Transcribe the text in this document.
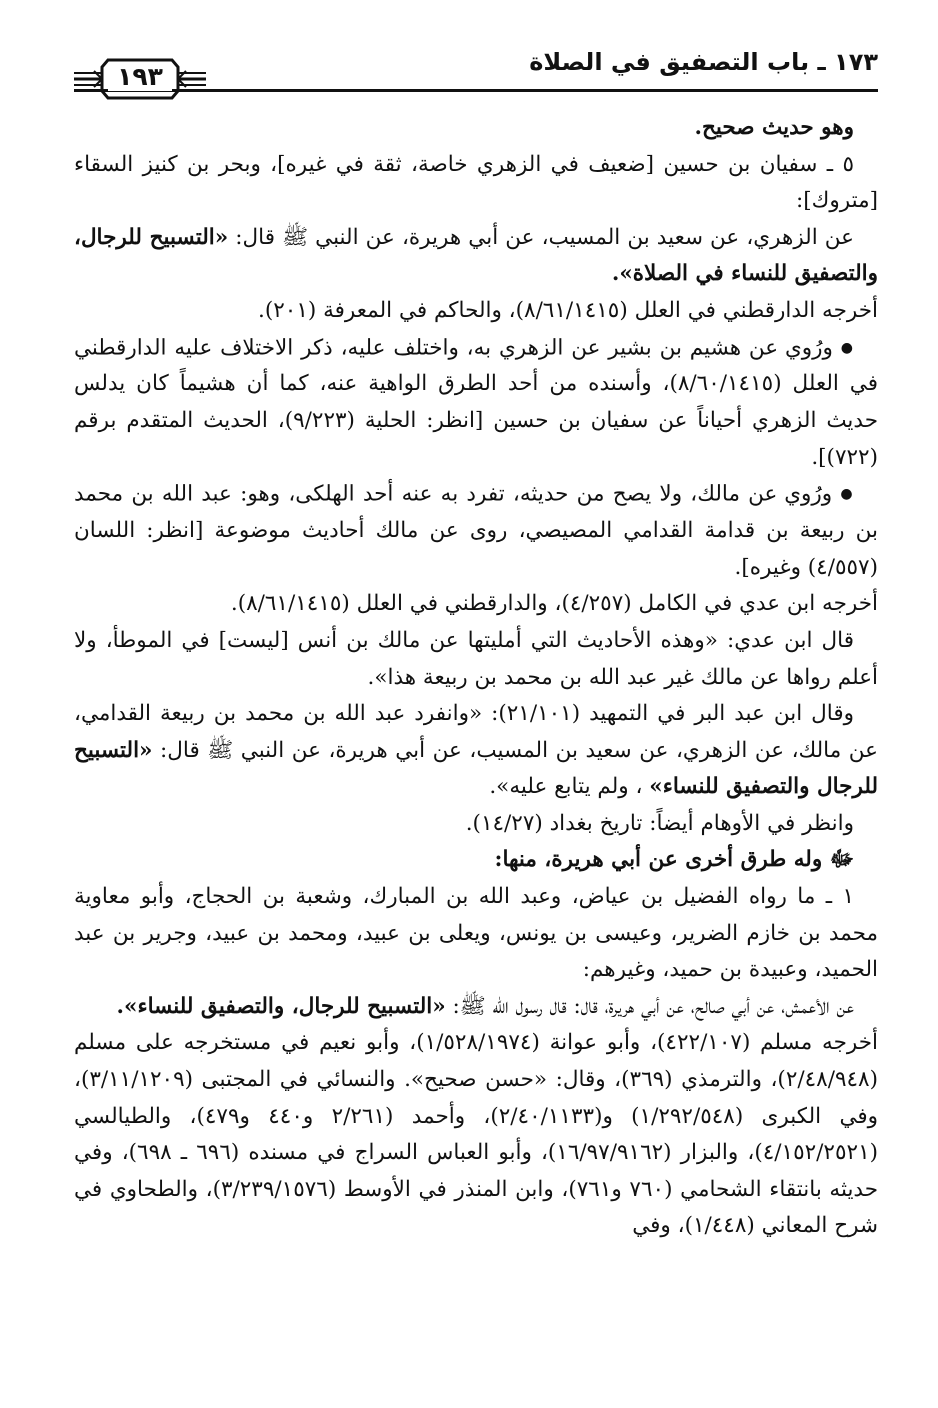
١٧٣ ـ باب التصفيق في الصلاة
١٩٣

وهو حديث صحيح.

٥ ـ سفيان بن حسين [ضعيف في الزهري خاصة، ثقة في غيره]، وبحر بن كنيز السقاء [متروك]:

عن الزهري، عن سعيد بن المسيب، عن أبي هريرة، عن النبي ﷺ قال: «التسبيح للرجال، والتصفيق للنساء في الصلاة».

أخرجه الدارقطني في العلل (٨/٦١/١٤١٥)، والحاكم في المعرفة (٢٠١).

● ورُوي عن هشيم بن بشير عن الزهري به، واختلف عليه، ذكر الاختلاف عليه الدارقطني في العلل (٨/٦٠/١٤١٥)، وأسنده من أحد الطرق الواهية عنه، كما أن هشيماً كان يدلس حديث الزهري أحياناً عن سفيان بن حسين [انظر: الحلية (٩/٢٢٣)، الحديث المتقدم برقم (٧٢٢)].

● ورُوي عن مالك، ولا يصح من حديثه، تفرد به عنه أحد الهلكى، وهو: عبد الله بن محمد بن ربيعة بن قدامة القدامي المصيصي، روى عن مالك أحاديث موضوعة [انظر: اللسان (٤/٥٥٧) وغيره].

أخرجه ابن عدي في الكامل (٤/٢٥٧)، والدارقطني في العلل (٨/٦١/١٤١٥).

قال ابن عدي: «وهذه الأحاديث التي أمليتها عن مالك بن أنس [ليست] في الموطأ، ولا أعلم رواها عن مالك غير عبد الله بن محمد بن ربيعة هذا».

وقال ابن عبد البر في التمهيد (٢١/١٠١): «وانفرد عبد الله بن محمد بن ربيعة القدامي، عن مالك، عن الزهري، عن سعيد بن المسيب، عن أبي هريرة، عن النبي ﷺ قال: «التسبيح للرجال والتصفيق للنساء» ، ولم يتابع عليه».

وانظر في الأوهام أيضاً: تاريخ بغداد (١٤/٢٧).

ﷻ وله طرق أخرى عن أبي هريرة، منها:

١ ـ ما رواه الفضيل بن عياض، وعبد الله بن المبارك، وشعبة بن الحجاج، وأبو معاوية محمد بن خازم الضرير، وعيسى بن يونس، ويعلى بن عبيد، ومحمد بن عبيد، وجرير بن عبد الحميد، وعبيدة بن حميد، وغيرهم:

عن الأعمش، عن أبي صالح، عن أبي هريرة، قال: قال رسول الله ﷺ: «التسبيح للرجال، والتصفيق للنساء».

أخرجه مسلم (٤٢٢/١٠٧)، وأبو عوانة (١/٥٢٨/١٩٧٤)، وأبو نعيم في مستخرجه على مسلم (٢/٤٨/٩٤٨)، والترمذي (٣٦٩)، وقال: «حسن صحيح». والنسائي في المجتبى (٣/١١/١٢٠٩)، وفي الكبرى (١/٢٩٢/٥٤٨) و(٢/٤٠/١١٣٣)، وأحمد (٢/٢٦١ و٤٤٠ و٤٧٩)، والطيالسي (٤/١٥٢/٢٥٢١)، والبزار (١٦/٩٧/٩١٦٢)، وأبو العباس السراج في مسنده (٦٩٦ ـ ٦٩٨)، وفي حديثه بانتقاء الشحامي (٧٦٠ و٧٦١)، وابن المنذر في الأوسط (٣/٢٣٩/١٥٧٦)، والطحاوي في شرح المعاني (١/٤٤٨)، وفي
